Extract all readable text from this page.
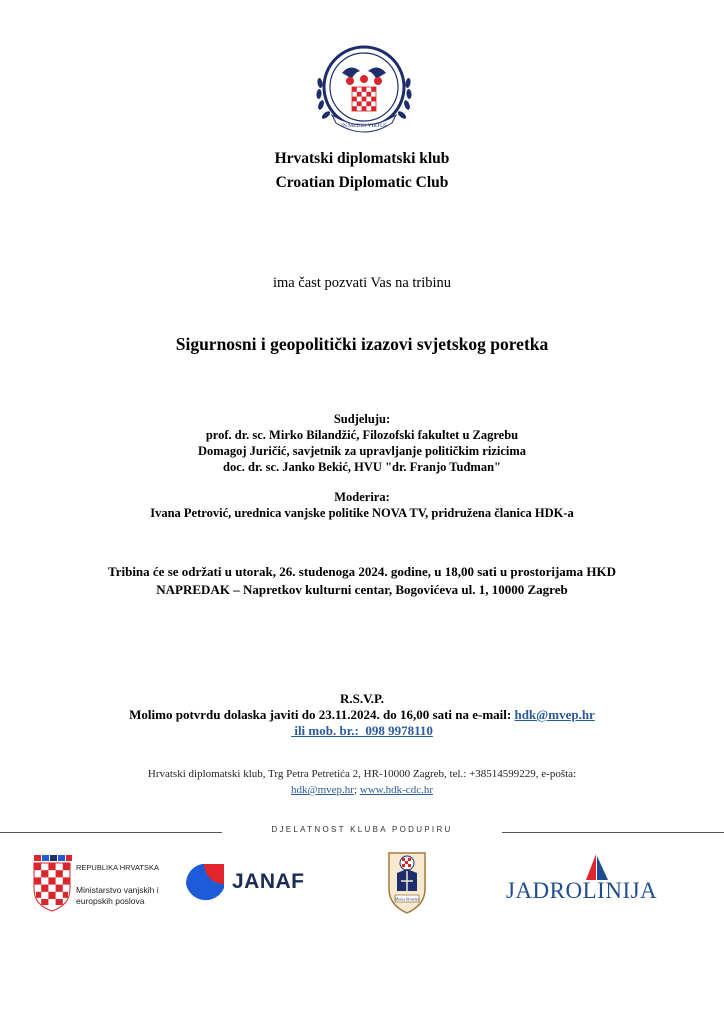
IN MEDIO VIRTUS
Hrvatski diplomatski klub
Croatian Diplomatic Club
ima čast pozvati Vas na tribinu
Sigurnosni i geopolitički izazovi svjetskog poretka
Sudjeluju:
prof. dr. sc. Mirko Bilandžić, Filozofski fakultet u Zagrebu
Domagoj Juričić, savjetnik za upravljanje političkim rizicima
doc. dr. sc. Janko Bekić, HVU "dr. Franjo Tuđman"
Moderira:
Ivana Petrović, urednica vanjske politike NOVA TV, pridružena članica HDK-a
Tribina će se održati u utorak, 26. studenoga 2024. godine, u 18,00 sati u prostorijama HKD
NAPREDAK – Napretkov kulturni centar, Bogovićeva ul. 1, 10000 Zagreb
R.S.V.P.
Molimo potvrdu dolaska javiti do 23.11.2024. do 16,00 sati na e-mail: hdk@mvep.hr
ili mob. br.:  098 9978110
Hrvatski diplomatski klub, Trg Petra Petretića 2, HR-10000 Zagreb, tel.: +38514599229, e-pošta:
hdk@mvep.hr; www.hdk-cdc.hr
DJELATNOST KLUBA PODUPIRU
REPUBLIKA HRVATSKA
Ministarstvo vanjskih i
europskih poslova
JANAF
Matica Hrvatska	JADROLINIJA
